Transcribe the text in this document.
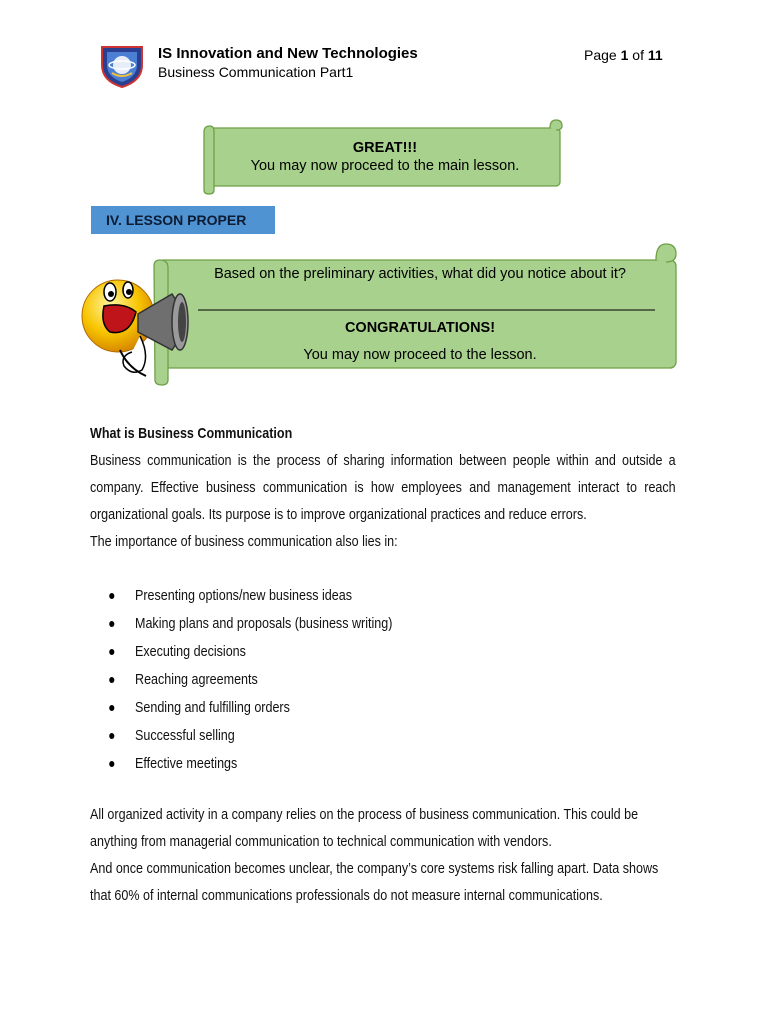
IS Innovation and New Technologies
Business Communication Part1
Page 1 of 11
GREAT!!!
You may now proceed to the main lesson.
IV. LESSON PROPER
Based on the preliminary activities, what did you notice about it?
CONGRATULATIONS!
You may now proceed to the lesson.
What is Business Communication
Business communication is the process of sharing information between people within and outside a company. Effective business communication is how employees and management interact to reach organizational goals. Its purpose is to improve organizational practices and reduce errors.
The importance of business communication also lies in:
Presenting options/new business ideas
Making plans and proposals (business writing)
Executing decisions
Reaching agreements
Sending and fulfilling orders
Successful selling
Effective meetings
All organized activity in a company relies on the process of business communication. This could be anything from managerial communication to technical communication with vendors.
And once communication becomes unclear, the company’s core systems risk falling apart. Data shows that 60% of internal communications professionals do not measure internal communications.
